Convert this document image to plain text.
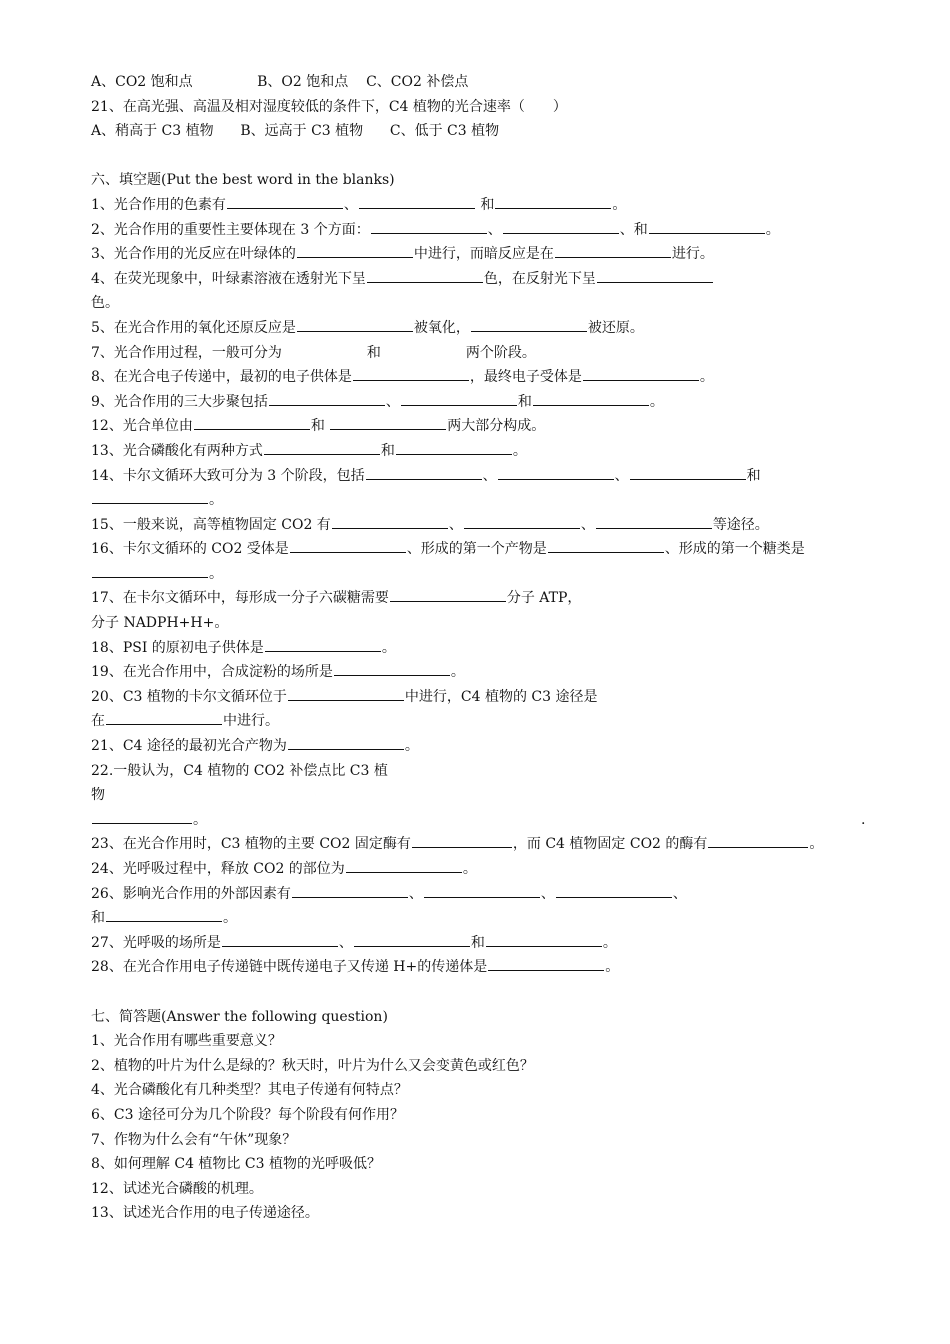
A、CO2 饱和点	B、O2 饱和点 C、CO2 补偿点
21、在高光强、高温及相对湿度较低的条件下，C4 植物的光合速率（　　）
A、稍高于 C3 植物 B、远高于 C3 植物 C、低于 C3 植物
六、填空题(Put the best word in the blanks)
1、光合作用的色素有	、	和	。
2、光合作用的重要性主要体现在 3 个方面：	、	、和	。
3、光合作用的光反应在叶绿体的	中进行，而暗反应是在	进行。
4、在荧光现象中，叶绿素溶液在透射光下呈	色，在反射光下呈
色。
5、在光合作用的氧化还原反应是	被氧化，	被还原。
7、光合作用过程，一般可分为	和	两个阶段。
8、在光合电子传递中，最初的电子供体是	，最终电子受体是	。
9、光合作用的三大步聚包括	、	和	。
12、光合单位由	和	两大部分构成。
13、光合磷酸化有两种方式	和	。
14、卡尔文循环大致可分为 3 个阶段，包括	、	、	和
。
15、一般来说，高等植物固定 CO2 有	、	、	等途径。
16、卡尔文循环的 CO2 受体是	、形成的第一个产物是	、形成的第一个糖类是
。
17、在卡尔文循环中，每形成一分子六碳糖需要	分子 ATP，
分子 NADPH+H+。
18、PSI 的原初电子供体是	。
19、在光合作用中，合成淀粉的场所是	。
20、C3 植物的卡尔文循环位于	中进行，C4 植物的 C3 途径是
在	中进行。
21、C4 途径的最初光合产物为	。
22.一般认为，C4 植物的 CO2 补偿点比 C3 植
物
。	.
23、在光合作用时，C3 植物的主要 CO2 固定酶有	，而 C4 植物固定 CO2 的酶有	。
24、光呼吸过程中，释放 CO2 的部位为	。
26、影响光合作用的外部因素有	、	、	、
和	。
27、光呼吸的场所是	、	和	。
28、在光合作用电子传递链中既传递电子又传递 H+的传递体是	。
七、简答题(Answer the following question)
1、光合作用有哪些重要意义？
2、植物的叶片为什么是绿的？秋天时，叶片为什么又会变黄色或红色？
4、光合磷酸化有几种类型？其电子传递有何特点？
6、C3 途径可分为几个阶段？每个阶段有何作用？
7、作物为什么会有“午休”现象？
8、如何理解 C4 植物比 C3 植物的光呼吸低？
12、试述光合磷酸的机理。
13、试述光合作用的电子传递途径。
